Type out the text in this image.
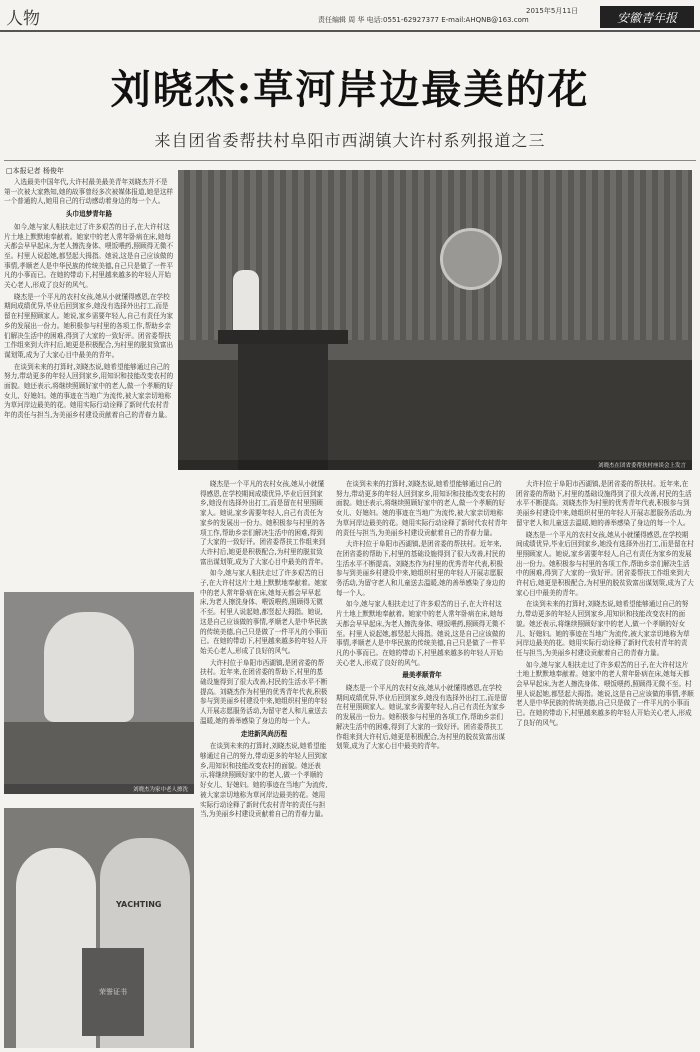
人物	责任编辑 周 华 电话:0551-62927377 E-mail:AHQNB@163.com
2015年5月11日	安徽青年报
刘晓杰:草河岸边最美的花
来自团省委帮扶村阜阳市西湖镇大许村系列报道之三
□本报记者 杨俊年

入选最美中国年代,大许村最美最美青年刘晓杰并不是第一次被大家熟知,她的故事曾经多次被媒体报道,她是这样一个普通的人,她用自己的行动感动着身边的每一个人。

头巾追梦青年路

如今,她与家人相扶走过了许多艰苦的日子,在大许村这片土地上默默地奉献着。她家中的老人常年卧病在床,她每天都会早早起床,为老人擦洗身体、喂饭喂药,照顾得无微不至。村里人说起她,都竖起大拇指。她说,这是自己应该做的事情,孝顺老人是中华民族的传统美德,自己只是做了一件平凡的小事而已。在她的带动下,村里越来越多的年轻人开始关心老人,形成了良好的风气。

晓杰是一个平凡的农村女孩,她从小就懂得感恩,在学校期间成绩优异,毕业后回到家乡,她没有选择外出打工,而是留在村里照顾家人。她说,家乡需要年轻人,自己有责任为家乡的发展出一份力。她积极参与村里的各项工作,帮助乡亲们解决生活中的困难,得到了大家的一致好评。团省委帮扶工作组来到大许村后,她更是积极配合,为村里的脱贫致富出谋划策,成为了大家心目中最美的青年。

在谈到未来的打算时,刘晓杰说,她希望能够通过自己的努力,带动更多的年轻人回到家乡,用知识和技能改变农村的面貌。她还表示,将继续照顾好家中的老人,做一个孝顺的好女儿、好媳妇。她的事迹在当地广为流传,被大家亲切地称为草河岸边最美的花。她用实际行动诠释了新时代农村青年的责任与担当,为美丽乡村建设贡献着自己的青春力量。

刘晓杰在团省委帮扶村座谈会上发言
刘晓杰为家中老人擦洗
YACHTING
荣誉证书

晓杰是一个平凡的农村女孩,她从小就懂得感恩,在学校期间成绩优异,毕业后回到家乡,她没有选择外出打工,而是留在村里照顾家人。她说,家乡需要年轻人,自己有责任为家乡的发展出一份力。她积极参与村里的各项工作,帮助乡亲们解决生活中的困难,得到了大家的一致好评。团省委帮扶工作组来到大许村后,她更是积极配合,为村里的脱贫致富出谋划策,成为了大家心目中最美的青年。

如今,她与家人相扶走过了许多艰苦的日子,在大许村这片土地上默默地奉献着。她家中的老人常年卧病在床,她每天都会早早起床,为老人擦洗身体、喂饭喂药,照顾得无微不至。村里人说起她,都竖起大拇指。她说,这是自己应该做的事情,孝顺老人是中华民族的传统美德,自己只是做了一件平凡的小事而已。在她的带动下,村里越来越多的年轻人开始关心老人,形成了良好的风气。

大许村位于阜阳市西湖镇,是团省委的帮扶村。近年来,在团省委的帮助下,村里的基础设施得到了很大改善,村民的生活水平不断提高。刘晓杰作为村里的优秀青年代表,积极参与到美丽乡村建设中来,她组织村里的年轻人开展志愿服务活动,为留守老人和儿童送去温暖,她的善举感染了身边的每一个人。

走进新风尚历程

在谈到未来的打算时,刘晓杰说,她希望能够通过自己的努力,带动更多的年轻人回到家乡,用知识和技能改变农村的面貌。她还表示,将继续照顾好家中的老人,做一个孝顺的好女儿、好媳妇。她的事迹在当地广为流传,被大家亲切地称为草河岸边最美的花。她用实际行动诠释了新时代农村青年的责任与担当,为美丽乡村建设贡献着自己的青春力量。

在谈到未来的打算时,刘晓杰说,她希望能够通过自己的努力,带动更多的年轻人回到家乡,用知识和技能改变农村的面貌。她还表示,将继续照顾好家中的老人,做一个孝顺的好女儿、好媳妇。她的事迹在当地广为流传,被大家亲切地称为草河岸边最美的花。她用实际行动诠释了新时代农村青年的责任与担当,为美丽乡村建设贡献着自己的青春力量。

大许村位于阜阳市西湖镇,是团省委的帮扶村。近年来,在团省委的帮助下,村里的基础设施得到了很大改善,村民的生活水平不断提高。刘晓杰作为村里的优秀青年代表,积极参与到美丽乡村建设中来,她组织村里的年轻人开展志愿服务活动,为留守老人和儿童送去温暖,她的善举感染了身边的每一个人。

如今,她与家人相扶走过了许多艰苦的日子,在大许村这片土地上默默地奉献着。她家中的老人常年卧病在床,她每天都会早早起床,为老人擦洗身体、喂饭喂药,照顾得无微不至。村里人说起她,都竖起大拇指。她说,这是自己应该做的事情,孝顺老人是中华民族的传统美德,自己只是做了一件平凡的小事而已。在她的带动下,村里越来越多的年轻人开始关心老人,形成了良好的风气。

最美孝顺青年

晓杰是一个平凡的农村女孩,她从小就懂得感恩,在学校期间成绩优异,毕业后回到家乡,她没有选择外出打工,而是留在村里照顾家人。她说,家乡需要年轻人,自己有责任为家乡的发展出一份力。她积极参与村里的各项工作,帮助乡亲们解决生活中的困难,得到了大家的一致好评。团省委帮扶工作组来到大许村后,她更是积极配合,为村里的脱贫致富出谋划策,成为了大家心目中最美的青年。

大许村位于阜阳市西湖镇,是团省委的帮扶村。近年来,在团省委的帮助下,村里的基础设施得到了很大改善,村民的生活水平不断提高。刘晓杰作为村里的优秀青年代表,积极参与到美丽乡村建设中来,她组织村里的年轻人开展志愿服务活动,为留守老人和儿童送去温暖,她的善举感染了身边的每一个人。

晓杰是一个平凡的农村女孩,她从小就懂得感恩,在学校期间成绩优异,毕业后回到家乡,她没有选择外出打工,而是留在村里照顾家人。她说,家乡需要年轻人,自己有责任为家乡的发展出一份力。她积极参与村里的各项工作,帮助乡亲们解决生活中的困难,得到了大家的一致好评。团省委帮扶工作组来到大许村后,她更是积极配合,为村里的脱贫致富出谋划策,成为了大家心目中最美的青年。

在谈到未来的打算时,刘晓杰说,她希望能够通过自己的努力,带动更多的年轻人回到家乡,用知识和技能改变农村的面貌。她还表示,将继续照顾好家中的老人,做一个孝顺的好女儿、好媳妇。她的事迹在当地广为流传,被大家亲切地称为草河岸边最美的花。她用实际行动诠释了新时代农村青年的责任与担当,为美丽乡村建设贡献着自己的青春力量。

如今,她与家人相扶走过了许多艰苦的日子,在大许村这片土地上默默地奉献着。她家中的老人常年卧病在床,她每天都会早早起床,为老人擦洗身体、喂饭喂药,照顾得无微不至。村里人说起她,都竖起大拇指。她说,这是自己应该做的事情,孝顺老人是中华民族的传统美德,自己只是做了一件平凡的小事而已。在她的带动下,村里越来越多的年轻人开始关心老人,形成了良好的风气。
